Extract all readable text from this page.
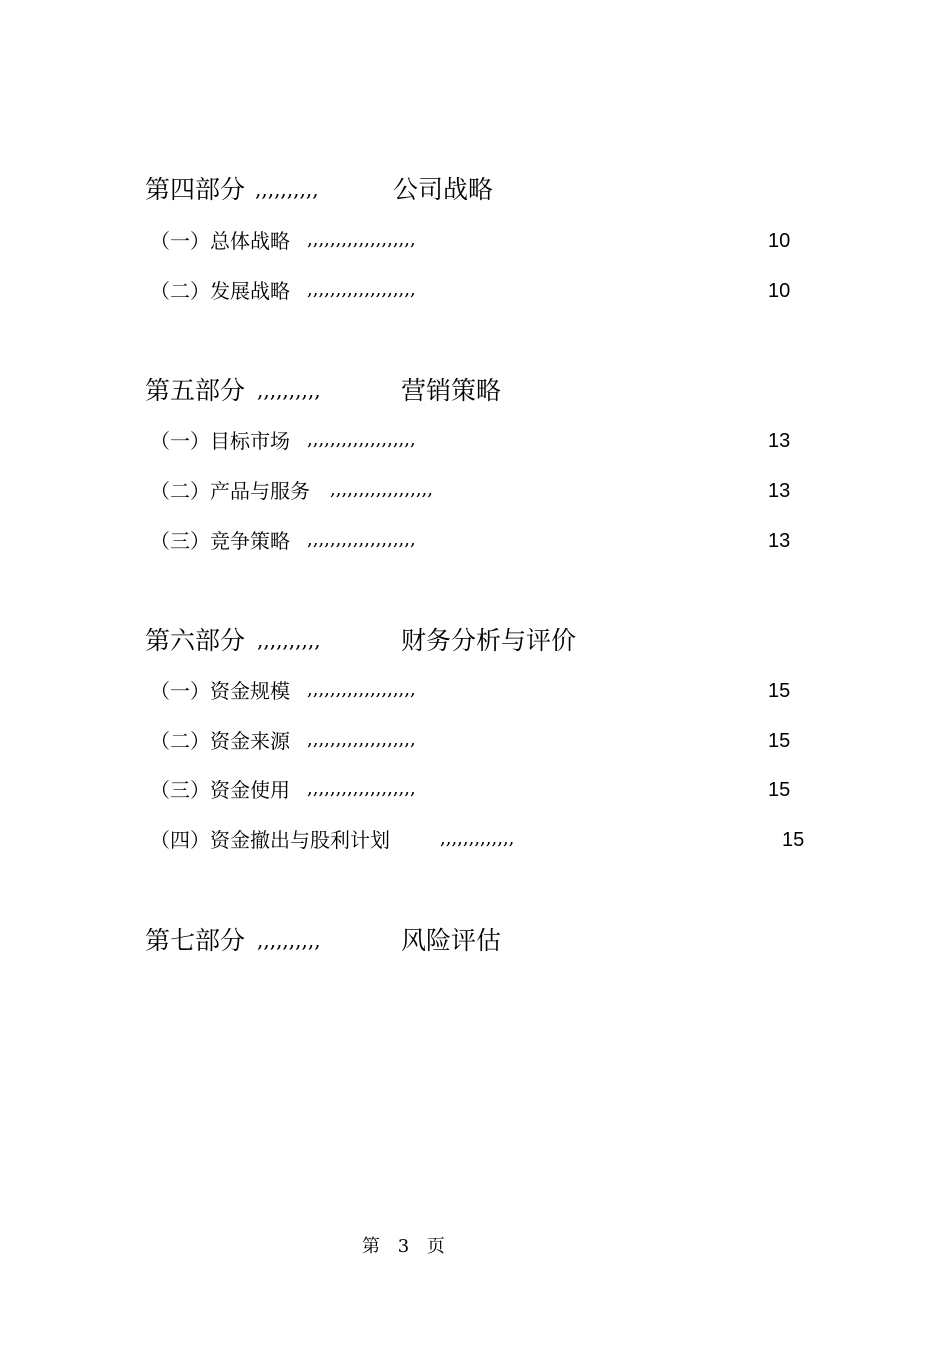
第四部分 ,,,,,,,,,,	公司战略
（一）总体战略 ,,,,,,,,,,,,,,,,,,,	10
（二）发展战略 ,,,,,,,,,,,,,,,,,,,	10
第五部分 ,,,,,,,,,,	营销策略
（一）目标市场 ,,,,,,,,,,,,,,,,,,,	13
（二）产品与服务 ,,,,,,,,,,,,,,,,,,	13
（三）竞争策略 ,,,,,,,,,,,,,,,,,,,	13
第六部分 ,,,,,,,,,,	财务分析与评价
（一）资金规模 ,,,,,,,,,,,,,,,,,,,	15
（二）资金来源 ,,,,,,,,,,,,,,,,,,,	15
（三）资金使用 ,,,,,,,,,,,,,,,,,,,	15
（四）资金撤出与股利计划	,,,,,,,,,,,,,	15
第七部分 ,,,,,,,,,,	风险评估
第 3 页
